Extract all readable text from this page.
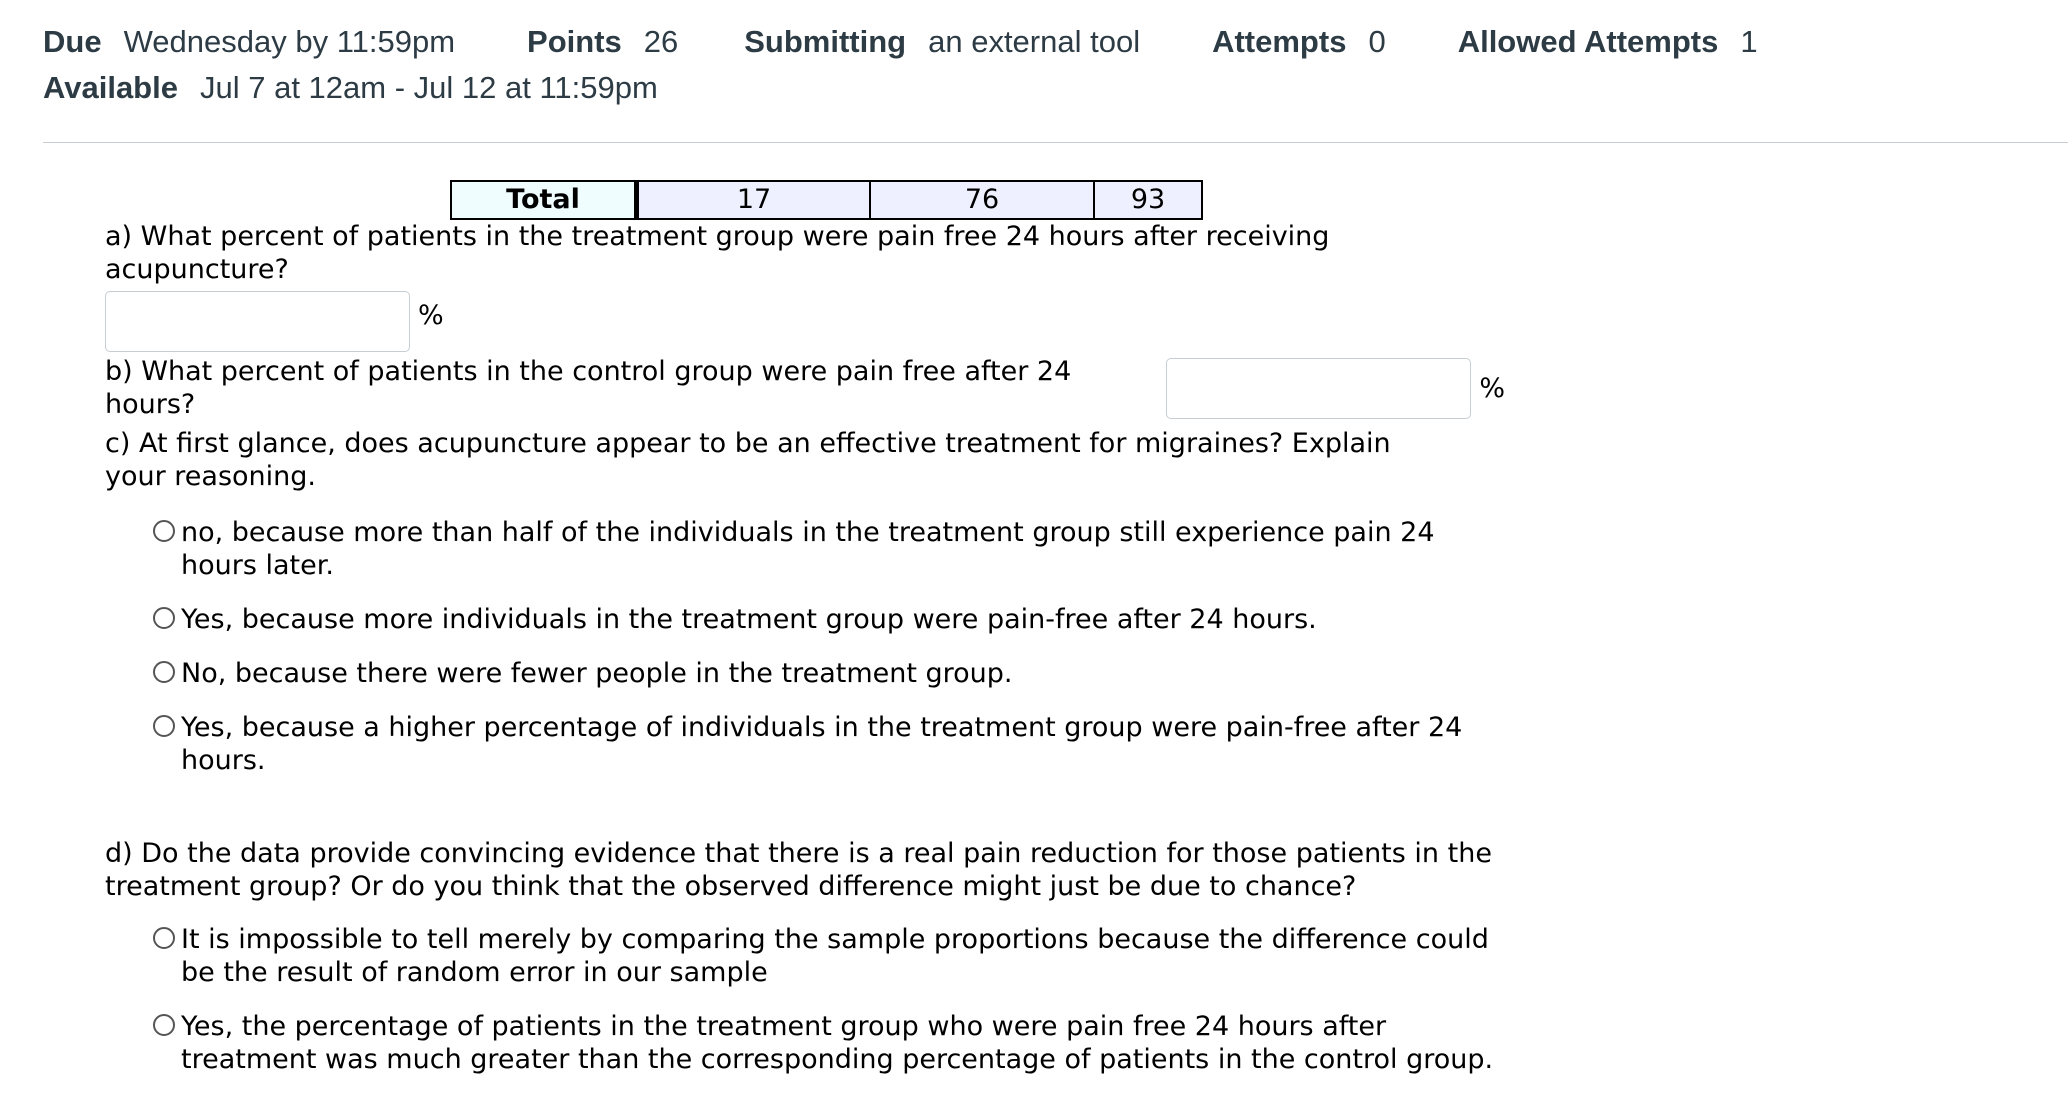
Due Wednesday by 11:59pm Points 26 Submitting an external tool Attempts 0 Allowed Attempts 1
Available Jul 7 at 12am - Jul 12 at 11:59pm
Total	17	76	93

a) What percent of patients in the treatment group were pain free 24 hours after receiving acupuncture?

%
b) What percent of patients in the control group were pain free after 24 hours?
%

c) At first glance, does acupuncture appear to be an effective treatment for migraines? Explain your reasoning.

no, because more than half of the individuals in the treatment group still experience pain 24 hours later.
Yes, because more individuals in the treatment group were pain-free after 24 hours.
No, because there were fewer people in the treatment group.
Yes, because a higher percentage of individuals in the treatment group were pain-free after 24 hours.

d) Do the data provide convincing evidence that there is a real pain reduction for those patients in the treatment group? Or do you think that the observed difference might just be due to chance?

It is impossible to tell merely by comparing the sample proportions because the difference could be the result of random error in our sample
Yes, the percentage of patients in the treatment group who were pain free 24 hours after treatment was much greater than the corresponding percentage of patients in the control group.
